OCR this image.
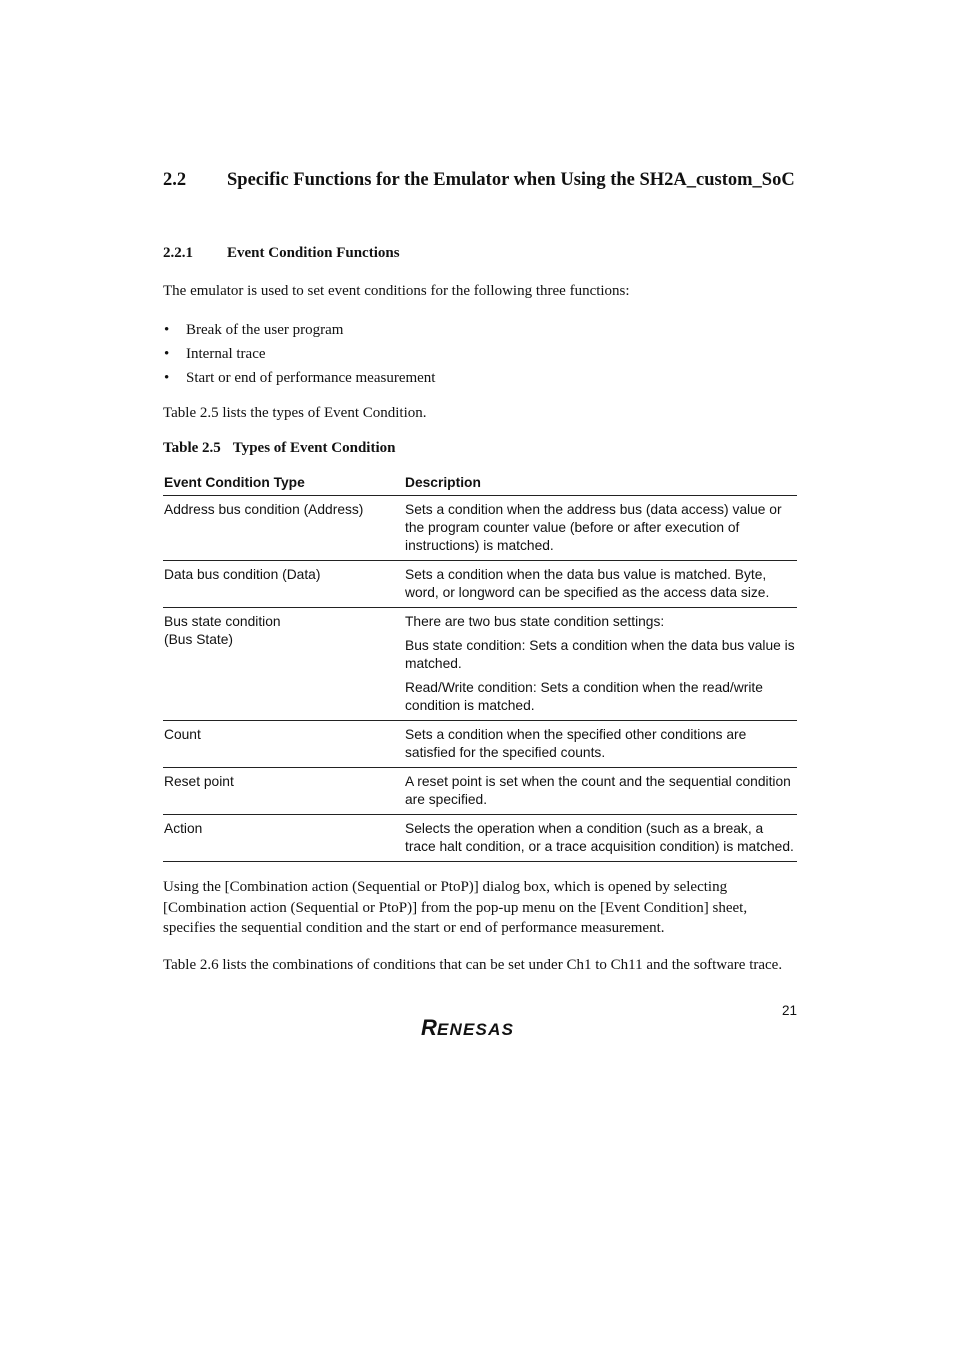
2.2 Specific Functions for the Emulator when Using the SH2A_custom_SoC
2.2.1 Event Condition Functions

The emulator is used to set event conditions for the following three functions:

• Break of the user program
• Internal trace
• Start or end of performance measurement

Table 2.5 lists the types of Event Condition.

Table 2.5 Types of Event Condition
Event Condition Type	Description
Address bus condition (Address)	Sets a condition when the address bus (data access) value or the program counter value (before or after execution of instructions) is matched.
Data bus condition (Data)	Sets a condition when the data bus value is matched. Byte, word, or longword can be specified as the access data size.

Bus state condition
(Bus State)	There are two bus state condition settings:
Bus state condition: Sets a condition when the data bus value is matched.
Read/Write condition: Sets a condition when the read/write condition is matched.

Count	Sets a condition when the specified other conditions are satisfied for the specified counts.
Reset point	A reset point is set when the count and the sequential condition are specified.
Action	Selects the operation when a condition (such as a break, a trace halt condition, or a trace acquisition condition) is matched.

Using the [Combination action (Sequential or PtoP)] dialog box, which is opened by selecting [Combination action (Sequential or PtoP)] from the pop-up menu on the [Event Condition] sheet, specifies the sequential condition and the start or end of performance measurement.

Table 2.6 lists the combinations of conditions that can be set under Ch1 to Ch11 and the software trace.

21
R ENESAS
